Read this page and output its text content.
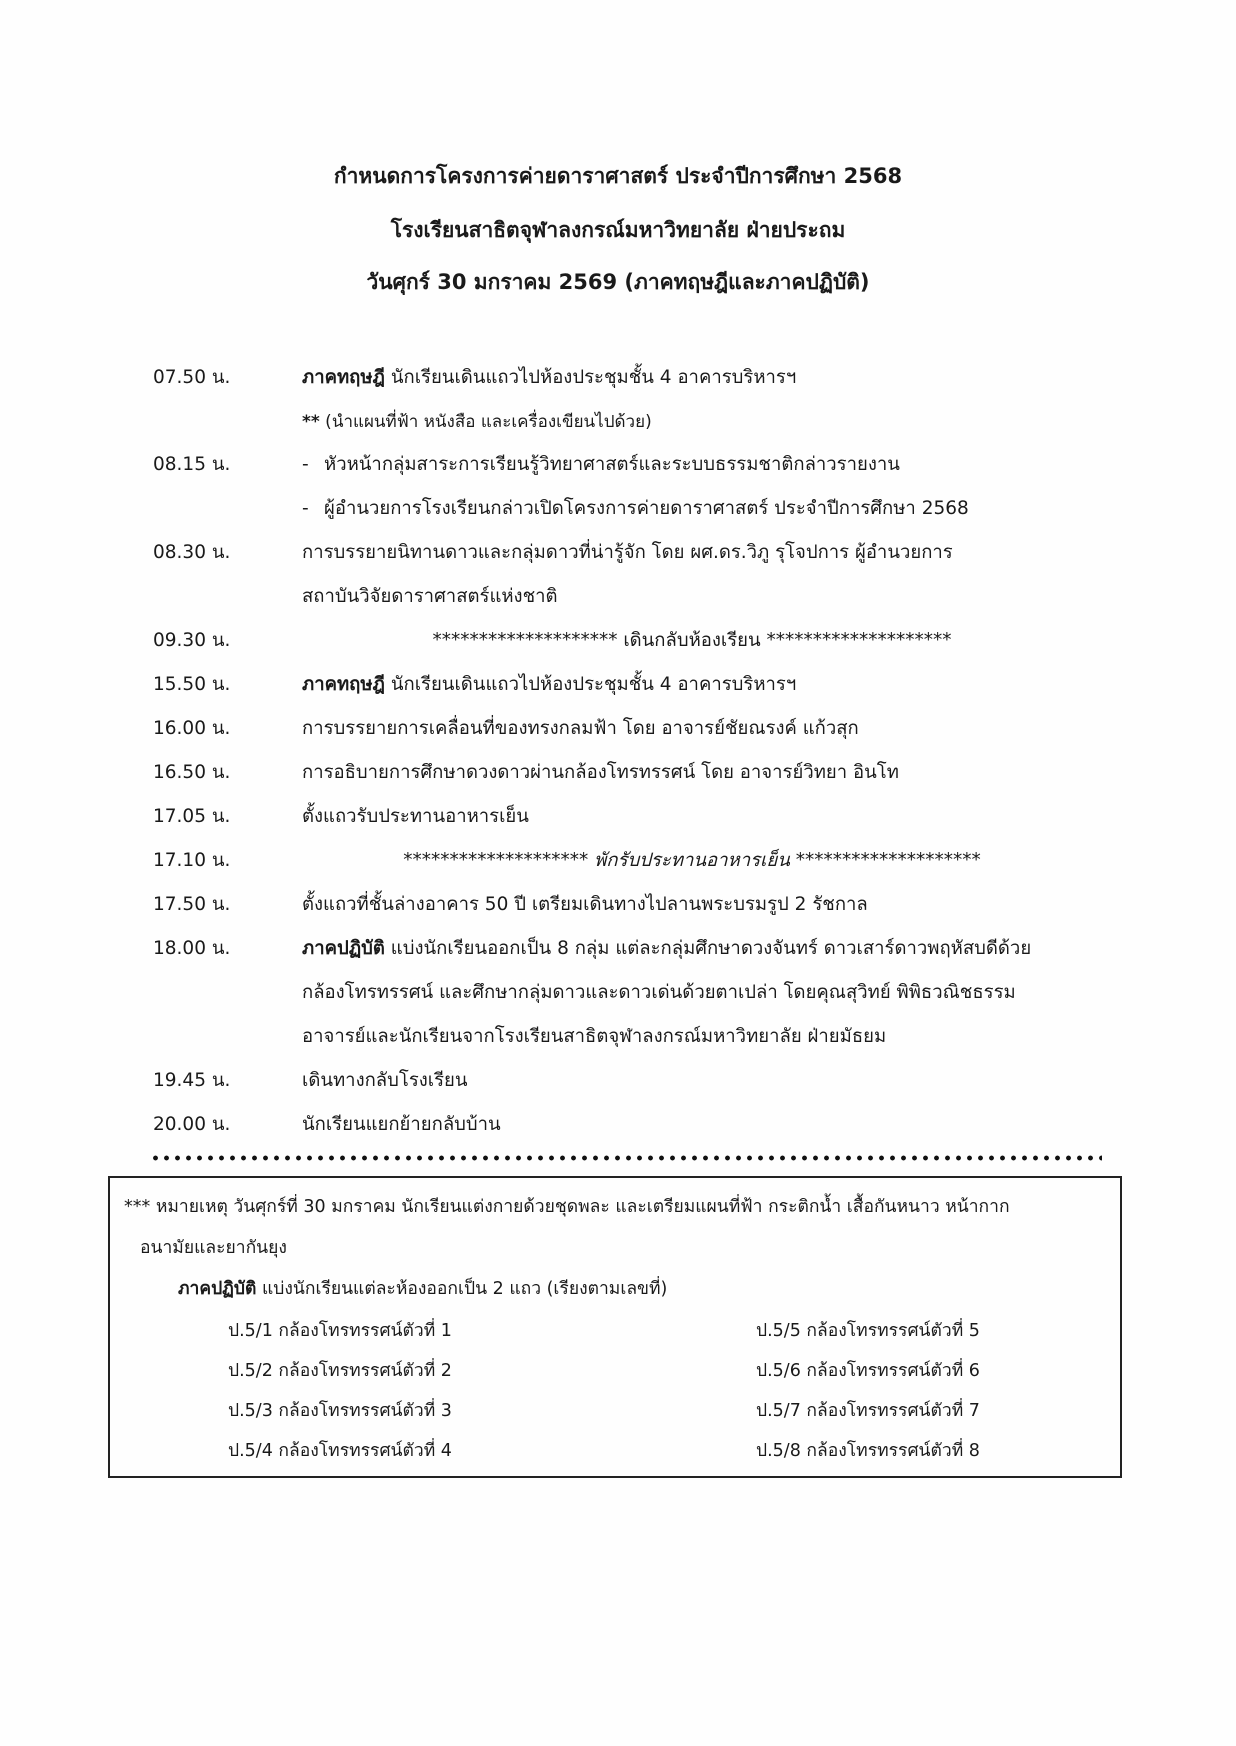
กำหนดการโครงการค่ายดาราศาสตร์ ประจำปีการศึกษา 2568
โรงเรียนสาธิตจุฬาลงกรณ์มหาวิทยาลัย ฝ่ายประถม
วันศุกร์ 30 มกราคม 2569 (ภาคทฤษฎีและภาคปฏิบัติ)
07.50 น.	ภาคทฤษฎี นักเรียนเดินแถวไปห้องประชุมชั้น 4 อาคารบริหารฯ
** (นำแผนที่ฟ้า หนังสือ และเครื่องเขียนไปด้วย)
08.15 น.	- หัวหน้ากลุ่มสาระการเรียนรู้วิทยาศาสตร์และระบบธรรมชาติกล่าวรายงาน
- ผู้อำนวยการโรงเรียนกล่าวเปิดโครงการค่ายดาราศาสตร์ ประจำปีการศึกษา 2568
08.30 น.	การบรรยายนิทานดาวและกลุ่มดาวที่น่ารู้จัก โดย ผศ.ดร.วิภู รุโจปการ ผู้อำนวยการ
สถาบันวิจัยดาราศาสตร์แห่งชาติ
09.30 น.	******************** เดินกลับห้องเรียน ********************
15.50 น.	ภาคทฤษฎี นักเรียนเดินแถวไปห้องประชุมชั้น 4 อาคารบริหารฯ
16.00 น.	การบรรยายการเคลื่อนที่ของทรงกลมฟ้า โดย อาจารย์ชัยณรงค์ แก้วสุก
16.50 น.	การอธิบายการศึกษาดวงดาวผ่านกล้องโทรทรรศน์ โดย อาจารย์วิทยา อินโท
17.05 น.	ตั้งแถวรับประทานอาหารเย็น
17.10 น.	******************** พักรับประทานอาหารเย็น ********************
17.50 น.	ตั้งแถวที่ชั้นล่างอาคาร 50 ปี เตรียมเดินทางไปลานพระบรมรูป 2 รัชกาล
18.00 น.	ภาคปฏิบัติ แบ่งนักเรียนออกเป็น 8 กลุ่ม แต่ละกลุ่มศึกษาดวงจันทร์ ดาวเสาร์ดาวพฤหัสบดีด้วย
กล้องโทรทรรศน์ และศึกษากลุ่มดาวและดาวเด่นด้วยตาเปล่า โดยคุณสุวิทย์ พิพิธวณิชธรรม
อาจารย์และนักเรียนจากโรงเรียนสาธิตจุฬาลงกรณ์มหาวิทยาลัย ฝ่ายมัธยม
19.45 น.	เดินทางกลับโรงเรียน
20.00 น.	นักเรียนแยกย้ายกลับบ้าน
*** หมายเหตุ วันศุกร์ที่ 30 มกราคม นักเรียนแต่งกายด้วยชุดพละ และเตรียมแผนที่ฟ้า กระติกน้ำ เสื้อกันหนาว หน้ากาก
อนามัยและยากันยุง
ภาคปฏิบัติ แบ่งนักเรียนแต่ละห้องออกเป็น 2 แถว (เรียงตามเลขที่)
ป.5/1 กล้องโทรทรรศน์ตัวที่ 1
ป.5/2 กล้องโทรทรรศน์ตัวที่ 2
ป.5/3 กล้องโทรทรรศน์ตัวที่ 3
ป.5/4 กล้องโทรทรรศน์ตัวที่ 4
ป.5/5 กล้องโทรทรรศน์ตัวที่ 5
ป.5/6 กล้องโทรทรรศน์ตัวที่ 6
ป.5/7 กล้องโทรทรรศน์ตัวที่ 7
ป.5/8 กล้องโทรทรรศน์ตัวที่ 8
